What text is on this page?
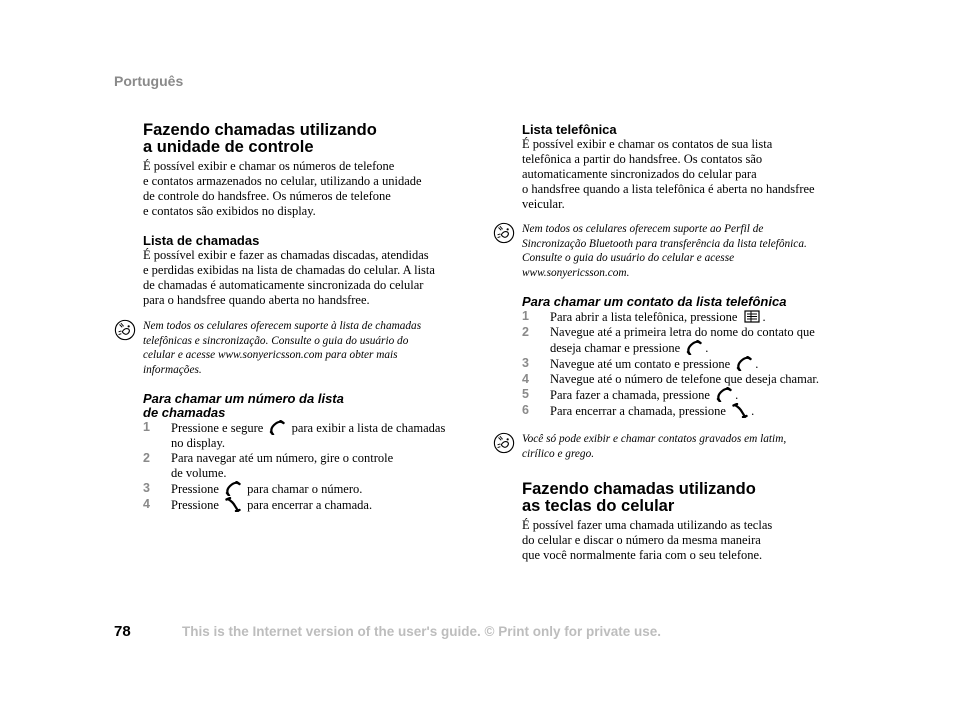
Português
Fazendo chamadas utilizando
a unidade de controle

É possível exibir e chamar os números de telefone
e contatos armazenados no celular, utilizando a unidade
de controle do handsfree. Os números de telefone
e contatos são exibidos no display.

Lista de chamadas

É possível exibir e fazer as chamadas discadas, atendidas
e perdidas exibidas na lista de chamadas do celular. A lista
de chamadas é automaticamente sincronizada do celular
para o handsfree quando aberta no handsfree.

Nem todos os celulares oferecem suporte à lista de chamadas
telefônicas e sincronização. Consulte o guia do usuário do
celular e acesse www.sonyericsson.com para obter mais
informações.
Para chamar um número da lista
de chamadas
1 Pressione e segure para exibir a lista de chamadas
no display.
2 Para navegar até um número, gire o controle
de volume.
3 Pressione para chamar o número.
4 Pressione para encerrar a chamada.
Lista telefônica

É possível exibir e chamar os contatos de sua lista
telefônica a partir do handsfree. Os contatos são
automaticamente sincronizados do celular para
o handsfree quando a lista telefônica é aberta no handsfree
veicular.

Nem todos os celulares oferecem suporte ao Perfil de
Sincronização Bluetooth para transferência da lista telefônica.
Consulte o guia do usuário do celular e acesse
www.sonyericsson.com.
Para chamar um contato da lista telefônica
1 Para abrir a lista telefônica, pressione .
2 Navegue até a primeira letra do nome do contato que
deseja chamar e pressione .
3 Navegue até um contato e pressione .
4 Navegue até o número de telefone que deseja chamar.
5 Para fazer a chamada, pressione .
6 Para encerrar a chamada, pressione .
Você só pode exibir e chamar contatos gravados em latim,
cirílico e grego.
Fazendo chamadas utilizando
as teclas do celular

É possível fazer uma chamada utilizando as teclas
do celular e discar o número da mesma maneira
que você normalmente faria com o seu telefone.

78	This is the Internet version of the user's guide. © Print only for private use.
